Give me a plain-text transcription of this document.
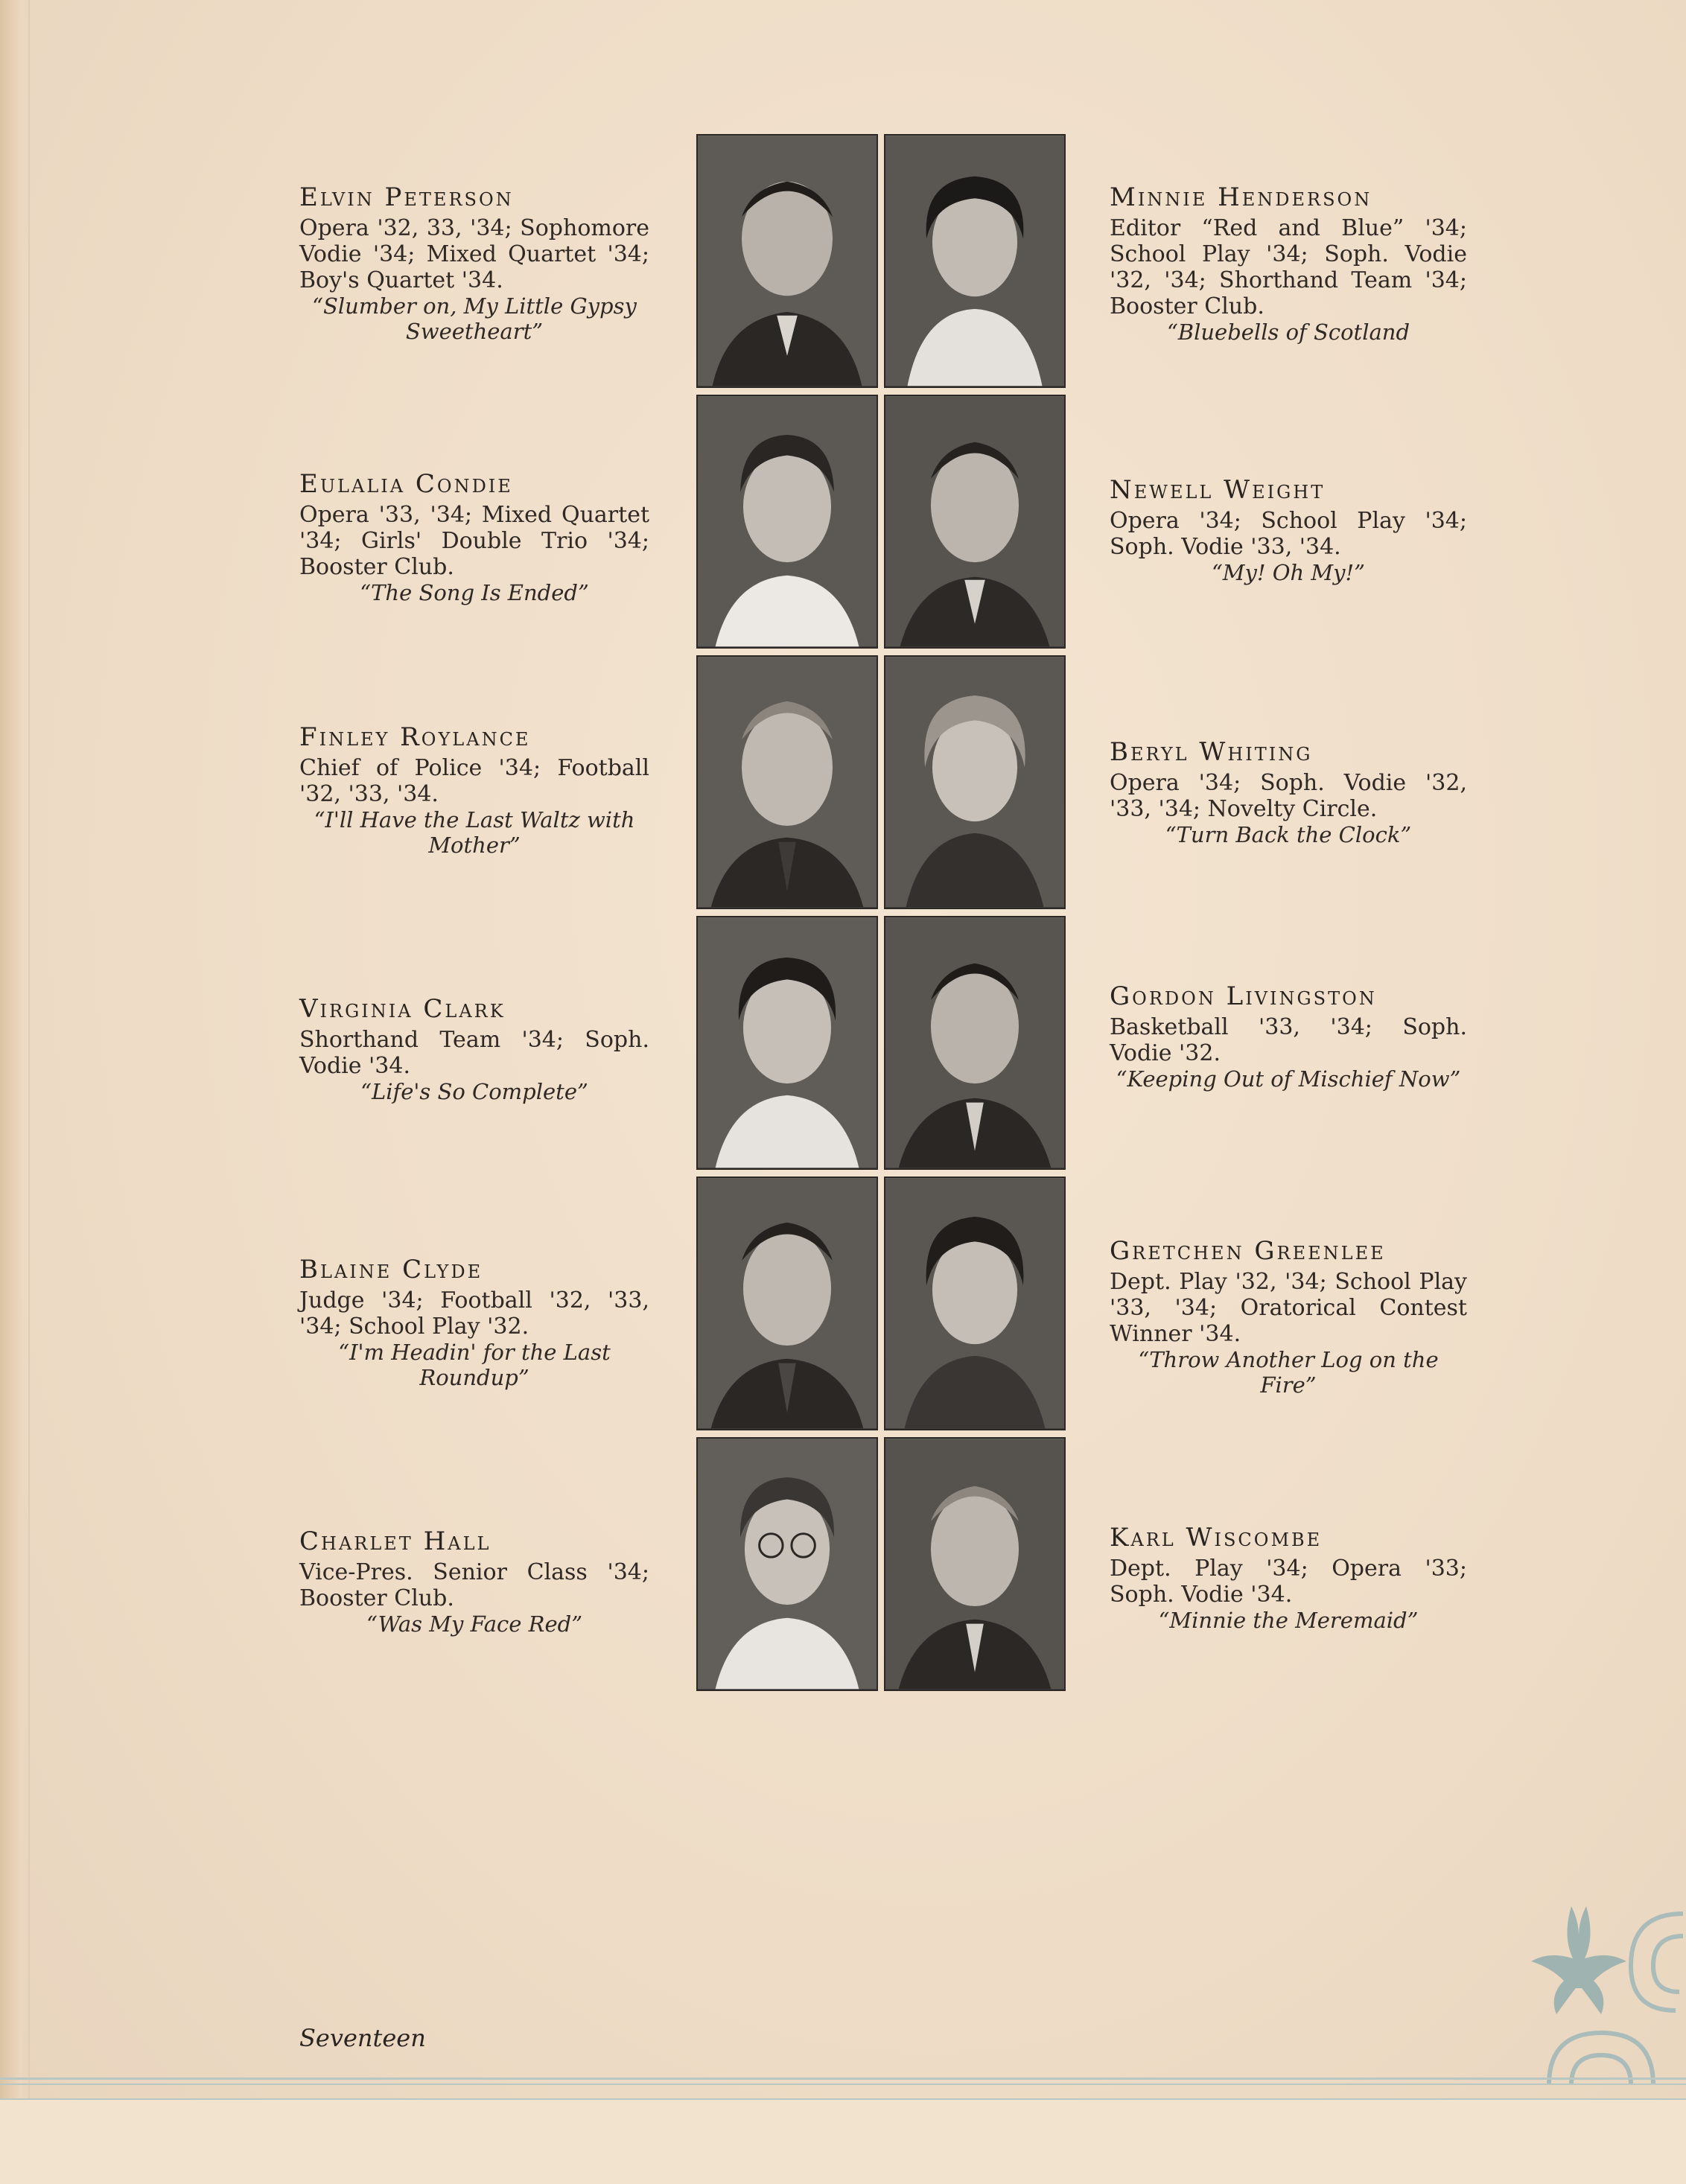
Elvin Peterson
Opera '32, 33, '34; Sophomore Vodie '34; Mixed Quartet '34; Boy's Quartet '34.
“Slumber on, My Little Gypsy Sweetheart”
Eulalia Condie
Opera '33, '34; Mixed Quartet '34; Girls' Double Trio '34; Booster Club.
“The Song Is Ended”
Finley Roylance
Chief of Police '34; Football '32, '33, '34.
“I'll Have the Last Waltz with Mother”
Virginia Clark
Shorthand Team '34; Soph. Vodie '34.
“Life's So Complete”
Blaine Clyde
Judge '34; Football '32, '33, '34; School Play '32.
“I'm Headin' for the Last Roundup”
Charlet Hall
Vice-Pres. Senior Class '34; Booster Club.
“Was My Face Red”
Minnie Henderson
Editor “Red and Blue” '34; School Play '34; Soph. Vodie '32, '34; Shorthand Team '34; Booster Club.
“Bluebells of Scotland
Newell Weight
Opera '34; School Play '34; Soph. Vodie '33, '34.
“My! Oh My!”
Beryl Whiting
Opera '34; Soph. Vodie '32, '33, '34; Novelty Circle.
“Turn Back the Clock”
Gordon Livingston
Basketball '33, '34; Soph. Vodie '32.
“Keeping Out of Mischief Now”
Gretchen Greenlee
Dept. Play '32, '34; School Play '33, '34; Oratorical Contest Winner '34.
“Throw Another Log on the Fire”
Karl Wiscombe
Dept. Play '34; Opera '33; Soph. Vodie '34.
“Minnie the Meremaid”
Seventeen
